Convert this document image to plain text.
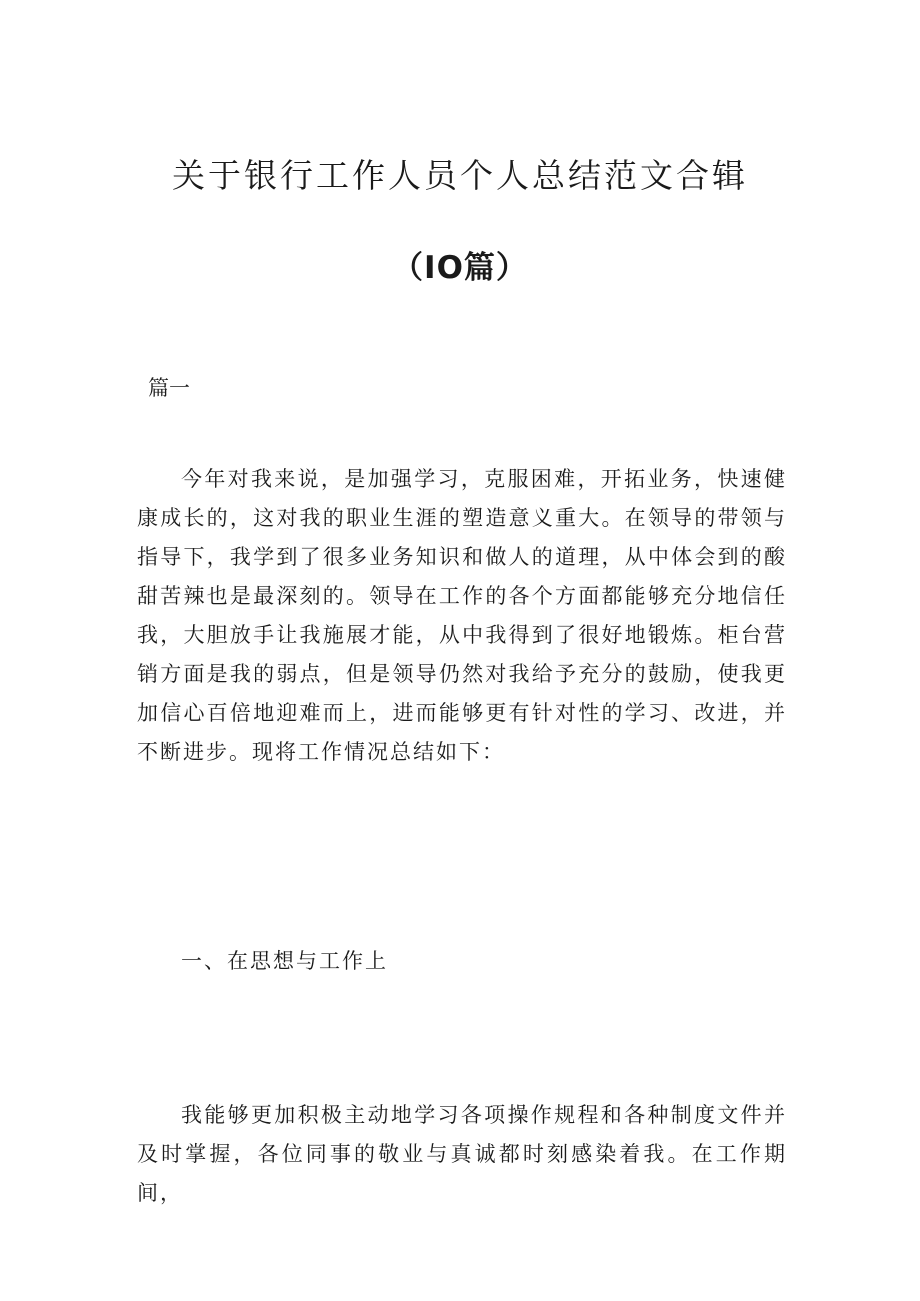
关于银行工作人员个人总结范文合辑
（IO篇）

篇一

今年对我来说，是加强学习，克服困难，开拓业务，快速健康成长的，这对我的职业生涯的塑造意义重大。在领导的带领与指导下，我学到了很多业务知识和做人的道理，从中体会到的酸甜苦辣也是最深刻的。领导在工作的各个方面都能够充分地信任我，大胆放手让我施展才能，从中我得到了很好地锻炼。柜台营销方面是我的弱点，但是领导仍然对我给予充分的鼓励，使我更加信心百倍地迎难而上，进而能够更有针对性的学习、改进，并不断进步。现将工作情况总结如下：

一、在思想与工作上

我能够更加积极主动地学习各项操作规程和各种制度文件并及时掌握，各位同事的敬业与真诚都时刻感染着我。在工作期间，
